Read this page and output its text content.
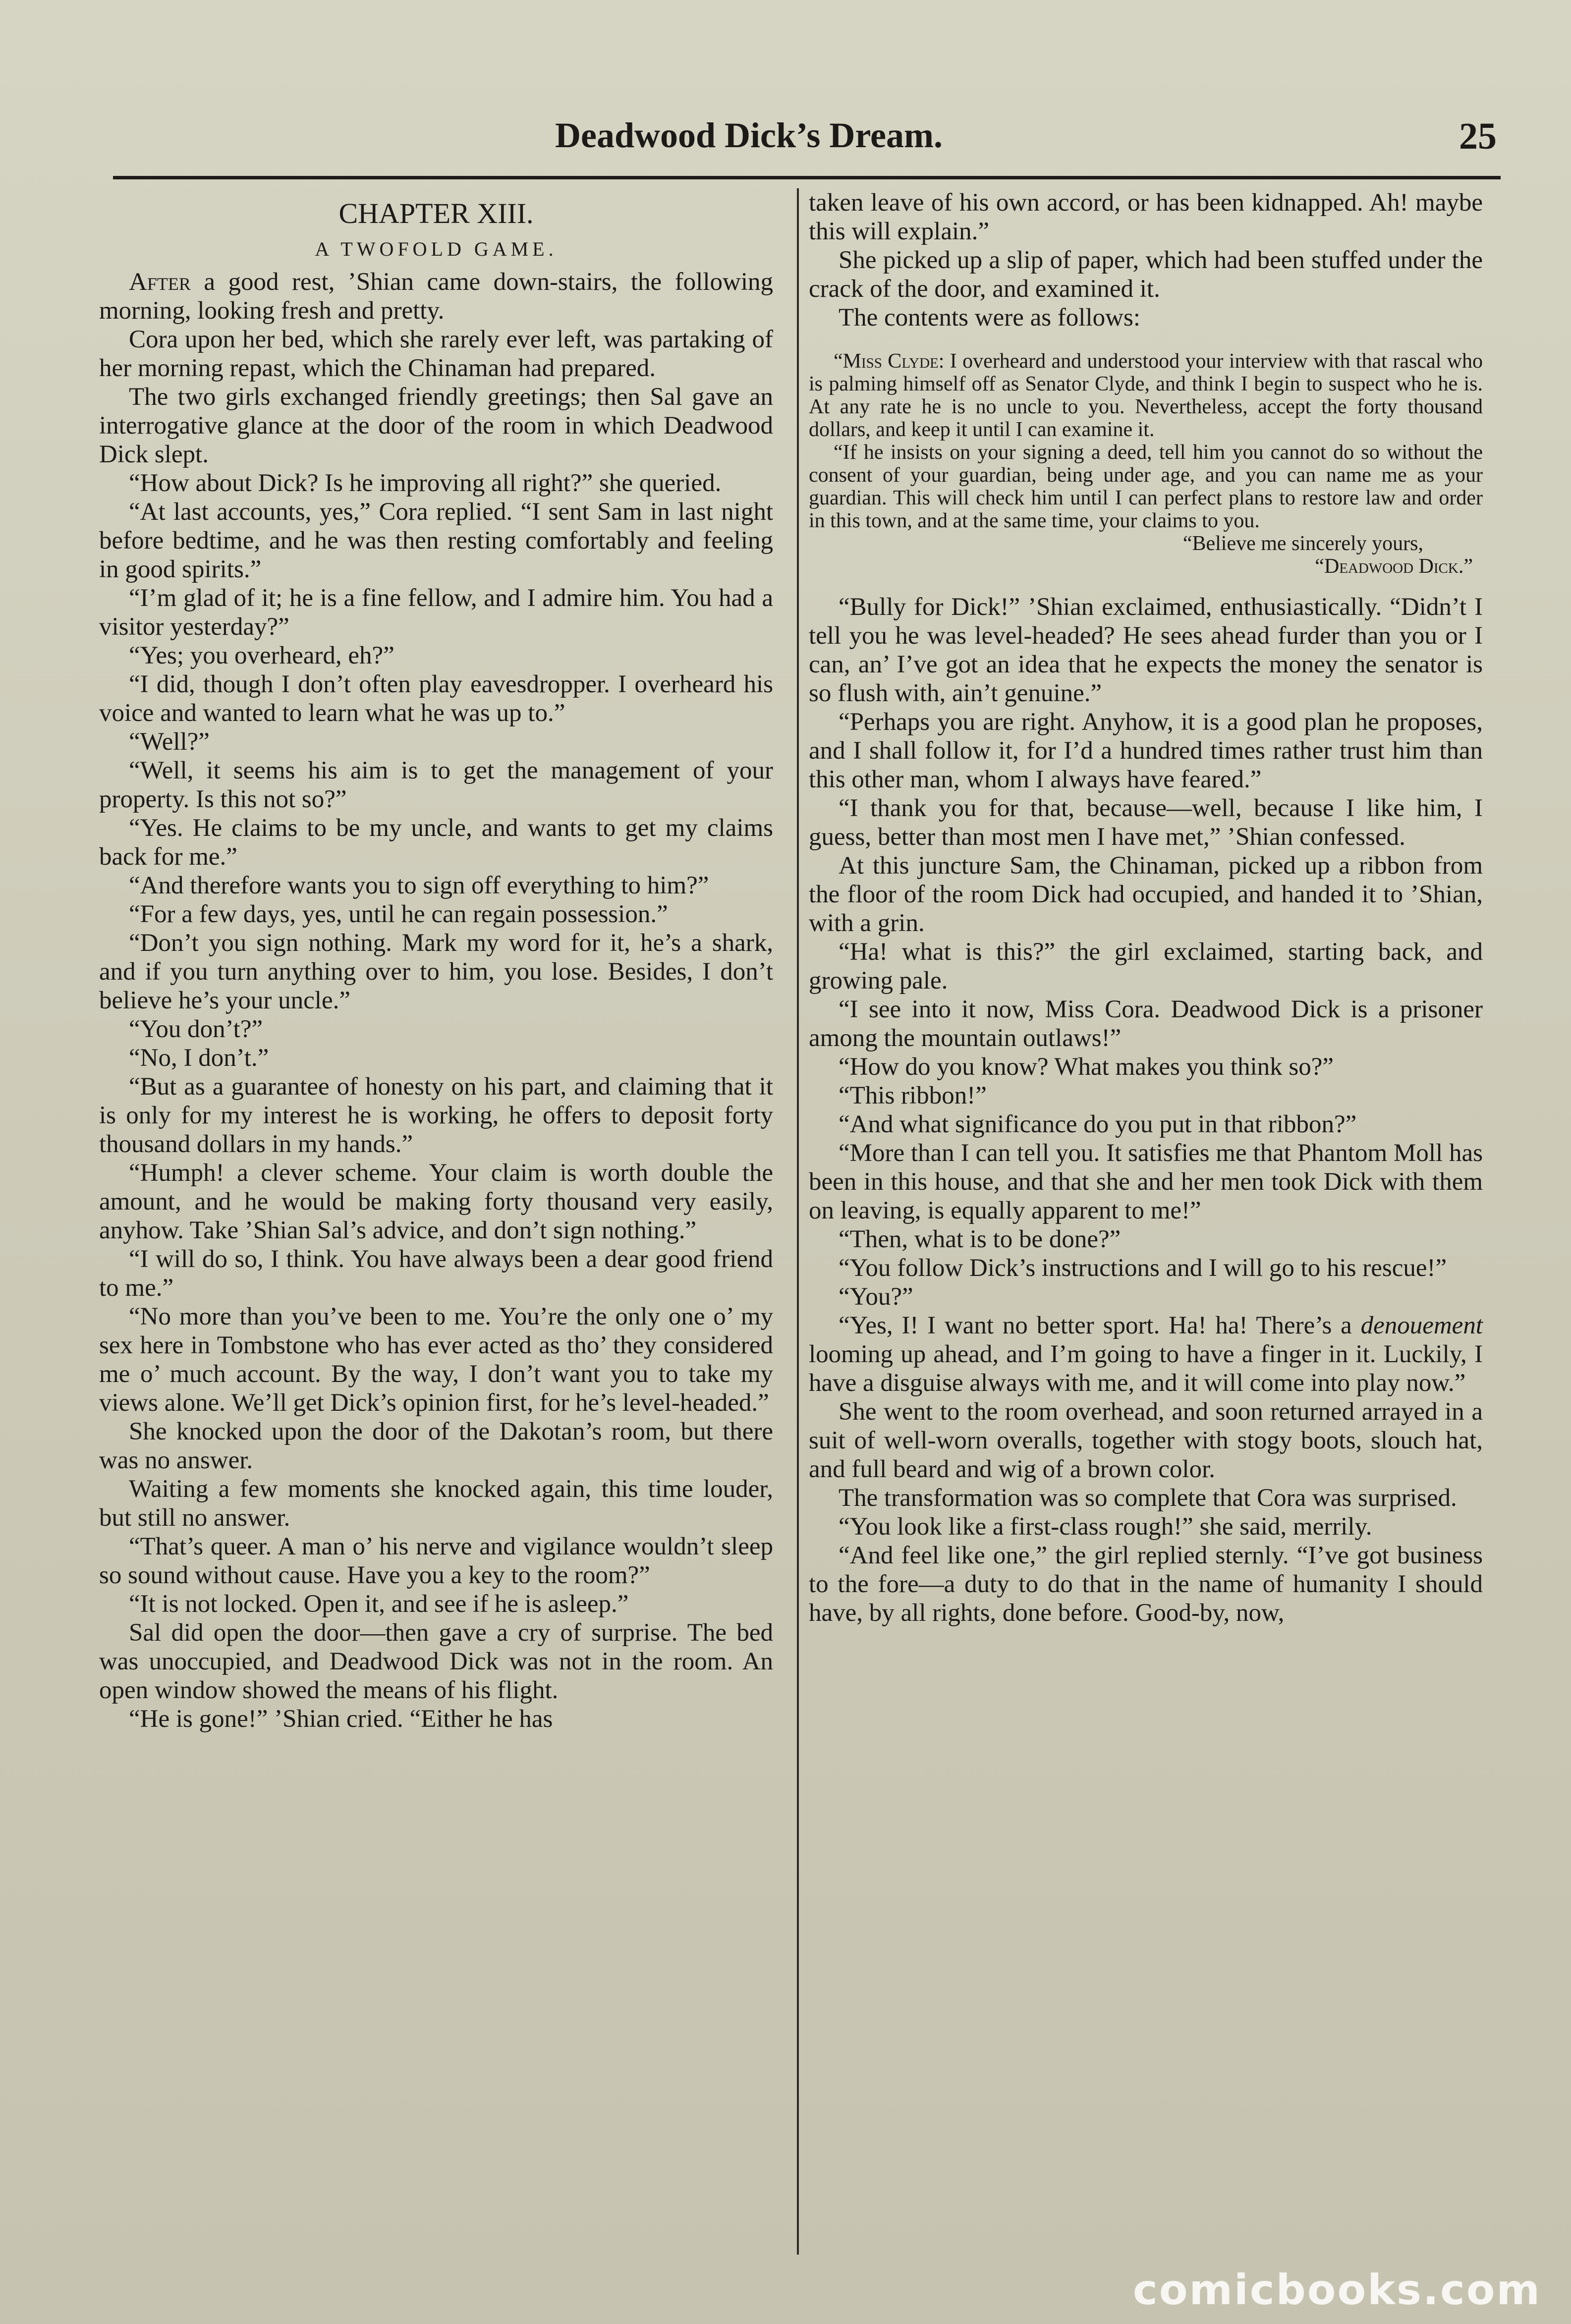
Deadwood Dick’s Dream.	25
CHAPTER XIII.
A TWOFOLD GAME.

After a good rest, ’Shian came down-stairs, the following morning, looking fresh and pretty.

Cora upon her bed, which she rarely ever left, was partaking of her morning repast, which the Chinaman had prepared.

The two girls exchanged friendly greetings; then Sal gave an interrogative glance at the door of the room in which Deadwood Dick slept.

“How about Dick? Is he improving all right?” she queried.

“At last accounts, yes,” Cora replied. “I sent Sam in last night before bedtime, and he was then resting comfortably and feeling in good spirits.”

“I’m glad of it; he is a fine fellow, and I admire him. You had a visitor yesterday?”

“Yes; you overheard, eh?”

“I did, though I don’t often play eavesdropper. I overheard his voice and wanted to learn what he was up to.”

“Well?”

“Well, it seems his aim is to get the management of your property. Is this not so?”

“Yes. He claims to be my uncle, and wants to get my claims back for me.”

“And therefore wants you to sign off everything to him?”

“For a few days, yes, until he can regain possession.”

“Don’t you sign nothing. Mark my word for it, he’s a shark, and if you turn anything over to him, you lose. Besides, I don’t believe he’s your uncle.”

“You don’t?”

“No, I don’t.”

“But as a guarantee of honesty on his part, and claiming that it is only for my interest he is working, he offers to deposit forty thousand dollars in my hands.”

“Humph! a clever scheme. Your claim is worth double the amount, and he would be making forty thousand very easily, anyhow. Take ’Shian Sal’s advice, and don’t sign nothing.”

“I will do so, I think. You have always been a dear good friend to me.”

“No more than you’ve been to me. You’re the only one o’ my sex here in Tombstone who has ever acted as tho’ they considered me o’ much account. By the way, I don’t want you to take my views alone. We’ll get Dick’s opinion first, for he’s level-headed.”

She knocked upon the door of the Dakotan’s room, but there was no answer.

Waiting a few moments she knocked again, this time louder, but still no answer.

“That’s queer. A man o’ his nerve and vigilance wouldn’t sleep so sound without cause. Have you a key to the room?”

“It is not locked. Open it, and see if he is asleep.”

Sal did open the door—then gave a cry of surprise. The bed was unoccupied, and Deadwood Dick was not in the room. An open window showed the means of his flight.

“He is gone!” ’Shian cried. “Either he has

taken leave of his own accord, or has been kidnapped. Ah! maybe this will explain.”

She picked up a slip of paper, which had been stuffed under the crack of the door, and examined it.

The contents were as follows:

“Miss Clyde: I overheard and understood your interview with that rascal who is palming himself off as Senator Clyde, and think I begin to suspect who he is. At any rate he is no uncle to you. Nevertheless, accept the forty thousand dollars, and keep it until I can examine it.

“If he insists on your signing a deed, tell him you cannot do so without the consent of your guardian, being under age, and you can name me as your guardian. This will check him until I can perfect plans to restore law and order in this town, and at the same time, your claims to you.

“Believe me sincerely yours,

“Deadwood Dick.”

“Bully for Dick!” ’Shian exclaimed, enthusiastically. “Didn’t I tell you he was level-headed? He sees ahead furder than you or I can, an’ I’ve got an idea that he expects the money the senator is so flush with, ain’t genuine.”

“Perhaps you are right. Anyhow, it is a good plan he proposes, and I shall follow it, for I’d a hundred times rather trust him than this other man, whom I always have feared.”

“I thank you for that, because—well, because I like him, I guess, better than most men I have met,” ’Shian confessed.

At this juncture Sam, the Chinaman, picked up a ribbon from the floor of the room Dick had occupied, and handed it to ’Shian, with a grin.

“Ha! what is this?” the girl exclaimed, starting back, and growing pale.

“I see into it now, Miss Cora. Deadwood Dick is a prisoner among the mountain outlaws!”

“How do you know? What makes you think so?”

“This ribbon!”

“And what significance do you put in that ribbon?”

“More than I can tell you. It satisfies me that Phantom Moll has been in this house, and that she and her men took Dick with them on leaving, is equally apparent to me!”

“Then, what is to be done?”

“You follow Dick’s instructions and I will go to his rescue!”

“You?”

“Yes, I! I want no better sport. Ha! ha! There’s a denouement looming up ahead, and I’m going to have a finger in it. Luckily, I have a disguise always with me, and it will come into play now.”

She went to the room overhead, and soon returned arrayed in a suit of well-worn overalls, together with stogy boots, slouch hat, and full beard and wig of a brown color.

The transformation was so complete that Cora was surprised.

“You look like a first-class rough!” she said, merrily.

“And feel like one,” the girl replied sternly. “I’ve got business to the fore—a duty to do that in the name of humanity I should have, by all rights, done before. Good-by, now,

comicbooks.com
